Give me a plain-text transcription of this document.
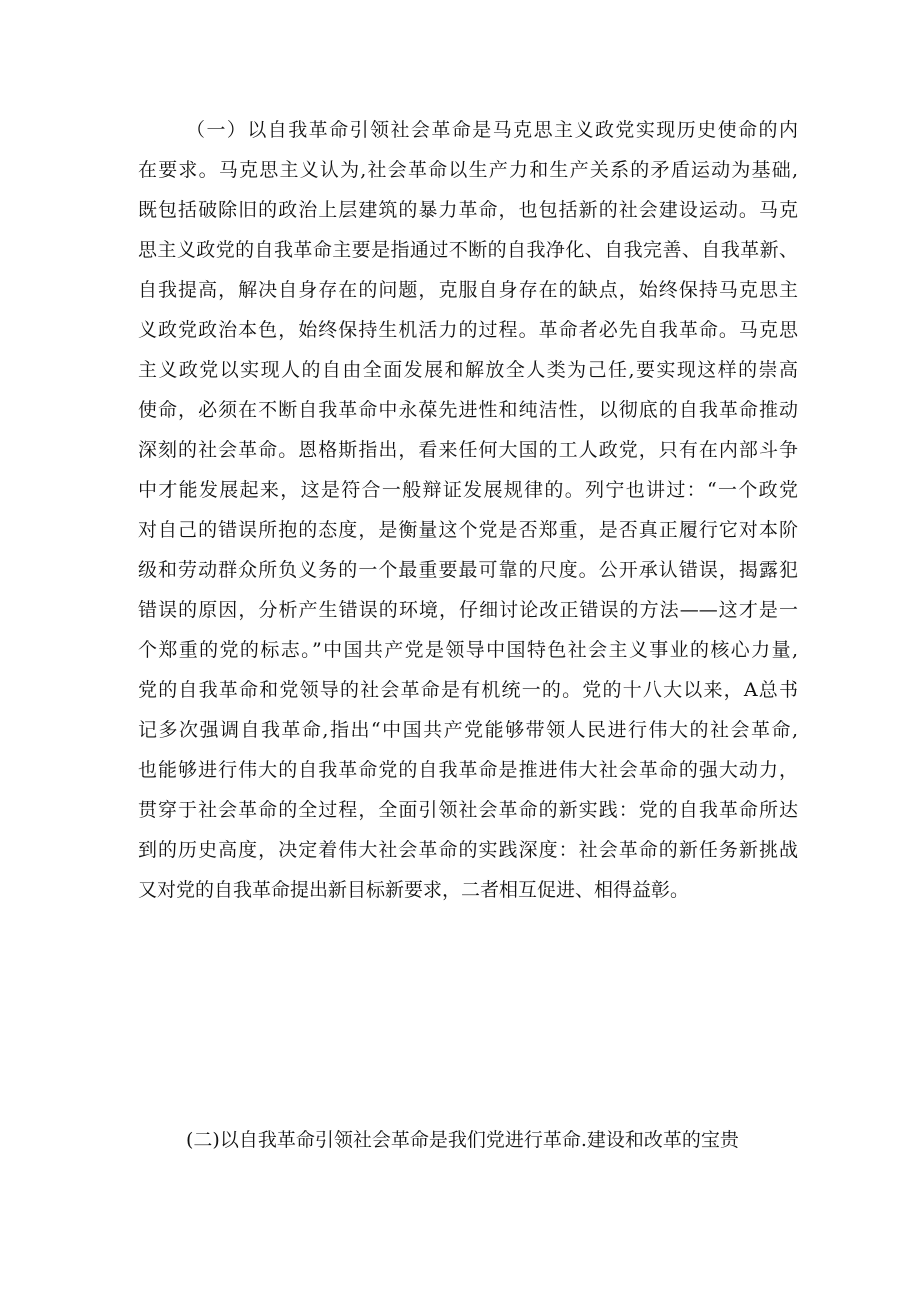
（一）以自我革命引领社会革命是马克思主义政党实现历史使命的内
在要求。马克思主义认为,社会革命以生产力和生产关系的矛盾运动为基础,
既包括破除旧的政治上层建筑的暴力革命，也包括新的社会建设运动。马克
思主义政党的自我革命主要是指通过不断的自我净化、自我完善、自我革新、
自我提高，解决自身存在的问题，克服自身存在的缺点，始终保持马克思主
义政党政治本色，始终保持生机活力的过程。革命者必先自我革命。马克思
主义政党以实现人的自由全面发展和解放全人类为己任,要实现这样的崇高
使命，必须在不断自我革命中永葆先进性和纯洁性，以彻底的自我革命推动
深刻的社会革命。恩格斯指出，看来任何大国的工人政党，只有在内部斗争
中才能发展起来，这是符合一般辩证发展规律的。列宁也讲过：“一个政党
对自己的错误所抱的态度，是衡量这个党是否郑重，是否真正履行它对本阶
级和劳动群众所负义务的一个最重要最可靠的尺度。公开承认错误，揭露犯
错误的原因，分析产生错误的环境，仔细讨论改正错误的方法——这才是一
个郑重的党的标志。”中国共产党是领导中国特色社会主义事业的核心力量,
党的自我革命和党领导的社会革命是有机统一的。党的十八大以来，A总书
记多次强调自我革命,指出“中国共产党能够带领人民进行伟大的社会革命,
也能够进行伟大的自我革命党的自我革命是推进伟大社会革命的强大动力，
贯穿于社会革命的全过程，全面引领社会革命的新实践：党的自我革命所达
到的历史高度，决定着伟大社会革命的实践深度：社会革命的新任务新挑战
又对党的自我革命提出新目标新要求，二者相互促进、相得益彰。
(二)以自我革命引领社会革命是我们党进行革命.建设和改革的宝贵
